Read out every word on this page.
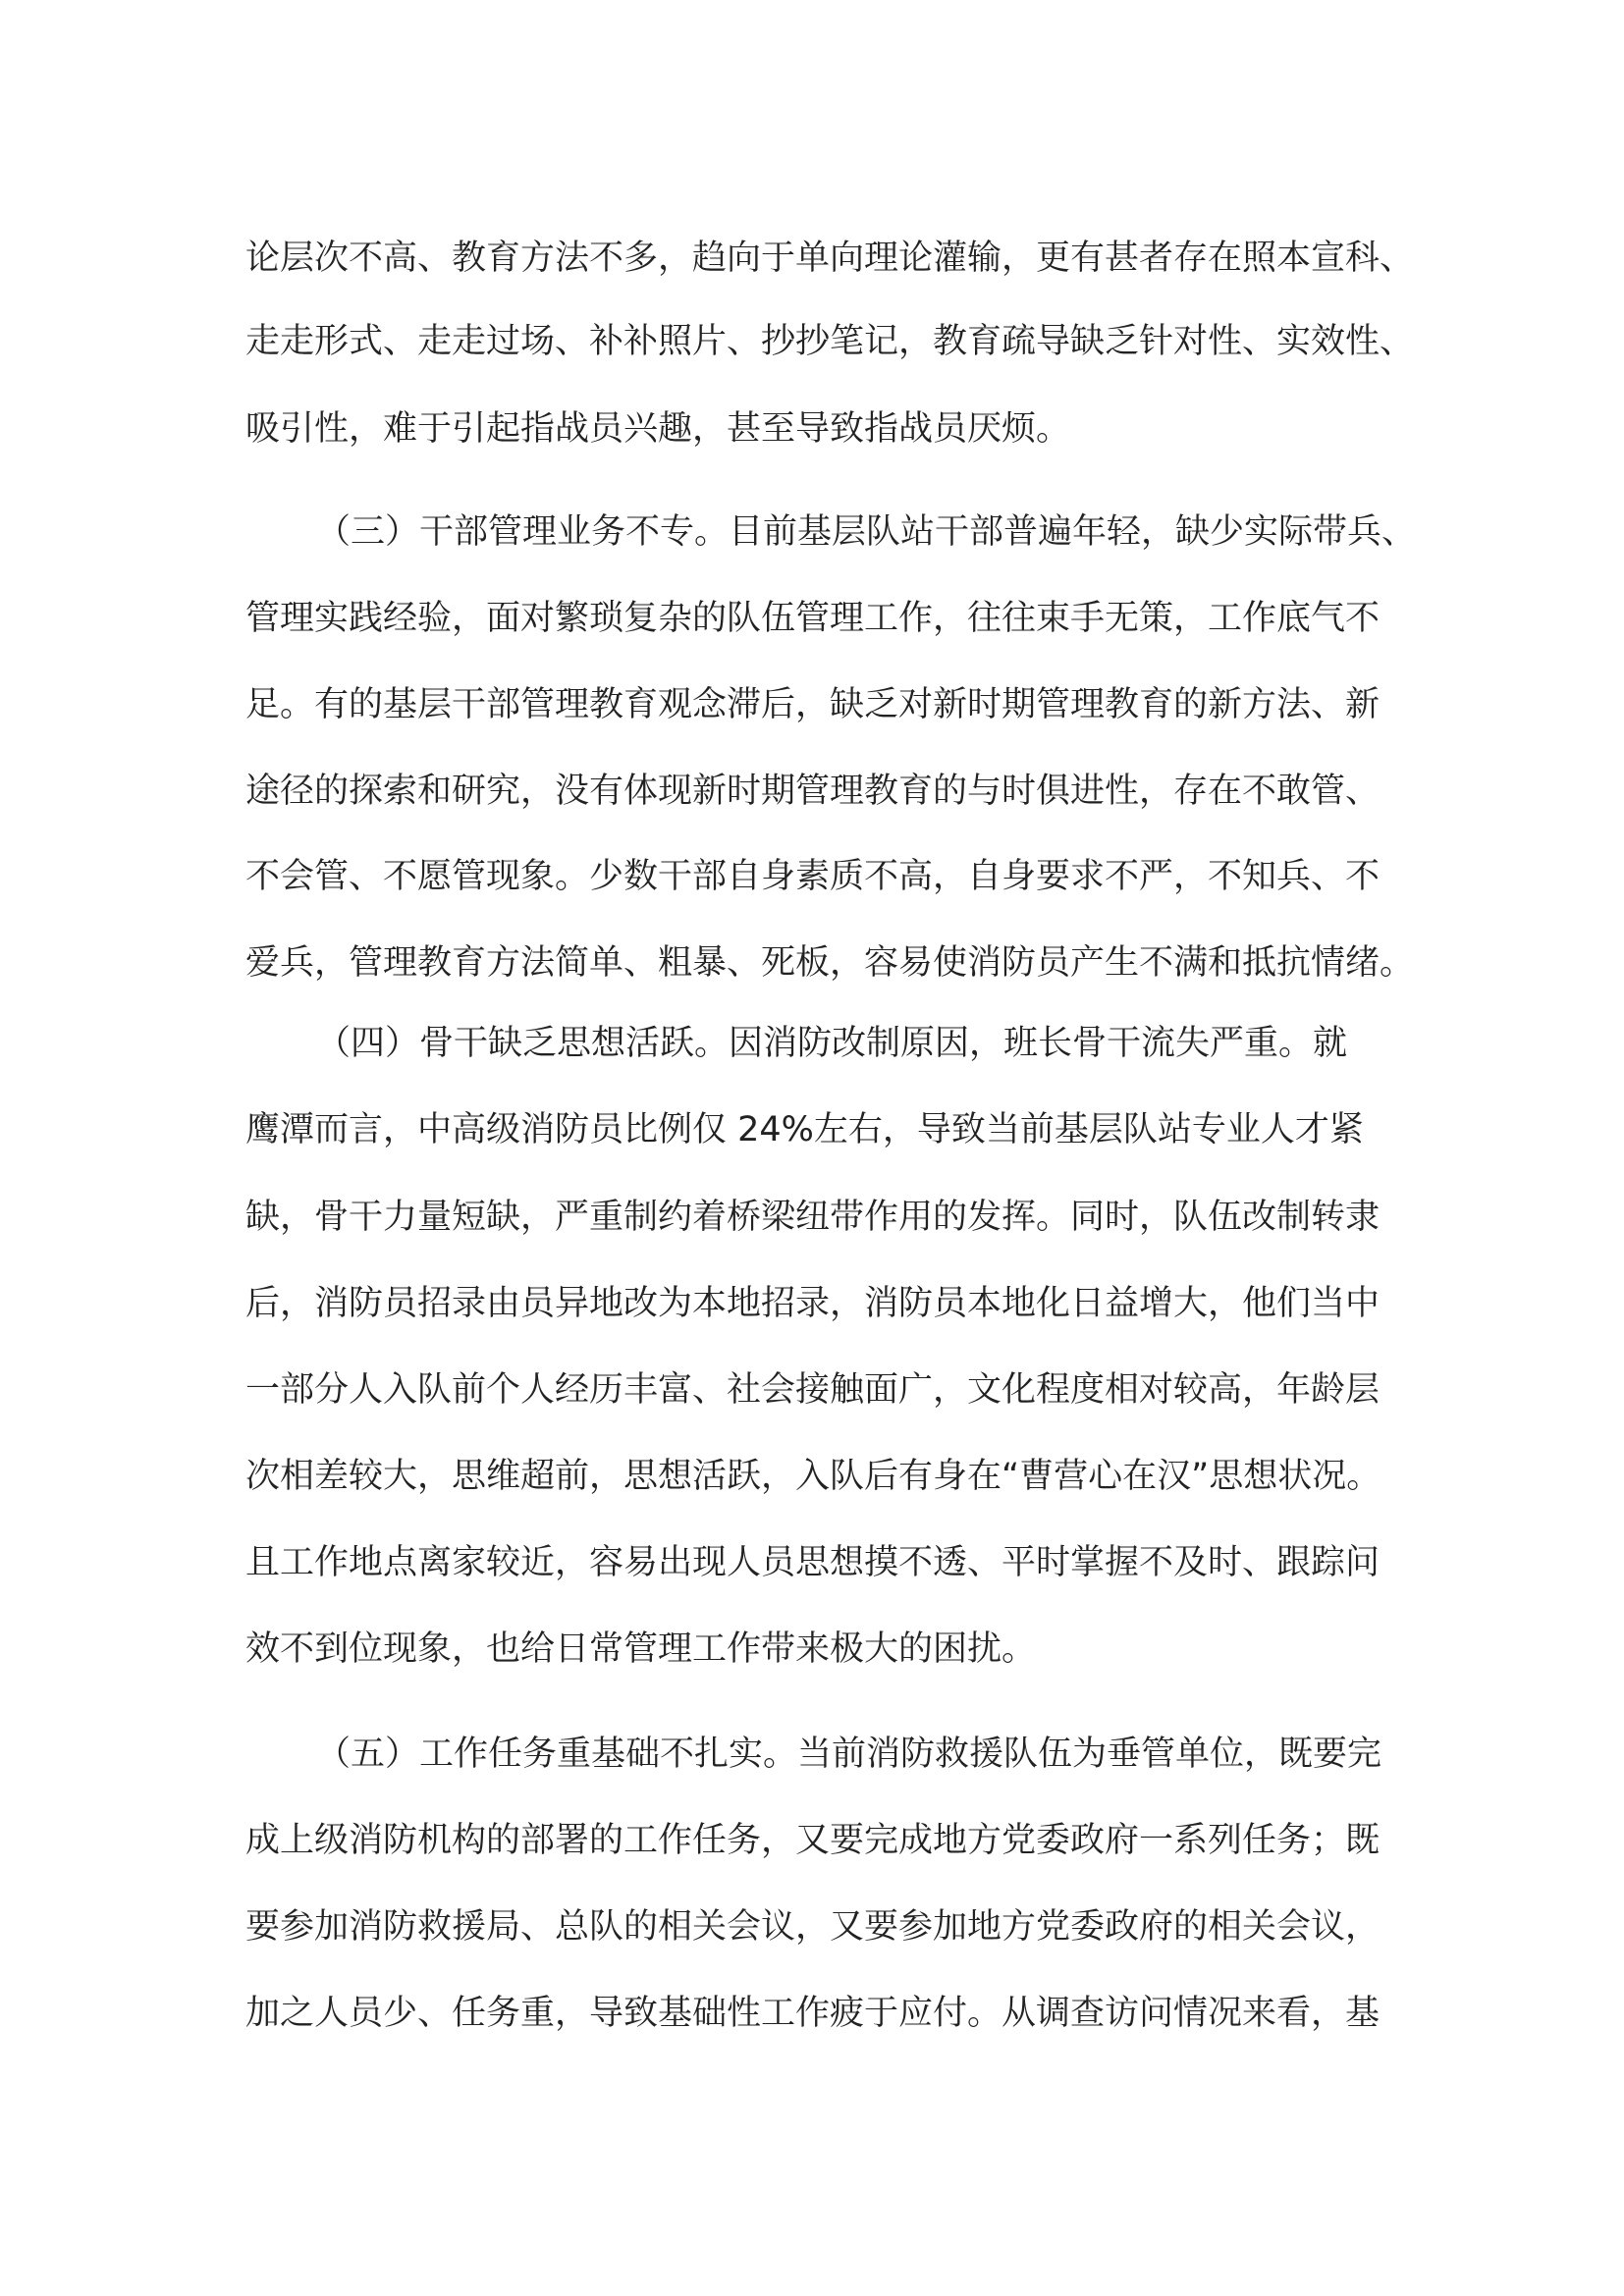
论层次不高、教育方法不多，趋向于单向理论灌输，更有甚者存在照本宣科、
走走形式、走走过场、补补照片、抄抄笔记，教育疏导缺乏针对性、实效性、
吸引性，难于引起指战员兴趣，甚至导致指战员厌烦。
（三）干部管理业务不专。目前基层队站干部普遍年轻，缺少实际带兵、
管理实践经验，面对繁琐复杂的队伍管理工作，往往束手无策，工作底气不
足。有的基层干部管理教育观念滞后，缺乏对新时期管理教育的新方法、新
途径的探索和研究，没有体现新时期管理教育的与时俱进性，存在不敢管、
不会管、不愿管现象。少数干部自身素质不高，自身要求不严，不知兵、不
爱兵，管理教育方法简单、粗暴、死板，容易使消防员产生不满和抵抗情绪。
（四）骨干缺乏思想活跃。因消防改制原因，班长骨干流失严重。就
鹰潭而言，中高级消防员比例仅 24%左右，导致当前基层队站专业人才紧
缺，骨干力量短缺，严重制约着桥梁纽带作用的发挥。同时，队伍改制转隶
后，消防员招录由员异地改为本地招录，消防员本地化日益增大，他们当中
一部分人入队前个人经历丰富、社会接触面广，文化程度相对较高，年龄层
次相差较大，思维超前，思想活跃，入队后有身在“曹营心在汉”思想状况。
且工作地点离家较近，容易出现人员思想摸不透、平时掌握不及时、跟踪问
效不到位现象，也给日常管理工作带来极大的困扰。
（五）工作任务重基础不扎实。当前消防救援队伍为垂管单位，既要完
成上级消防机构的部署的工作任务，又要完成地方党委政府一系列任务；既
要参加消防救援局、总队的相关会议，又要参加地方党委政府的相关会议，
加之人员少、任务重，导致基础性工作疲于应付。从调查访问情况来看，基
